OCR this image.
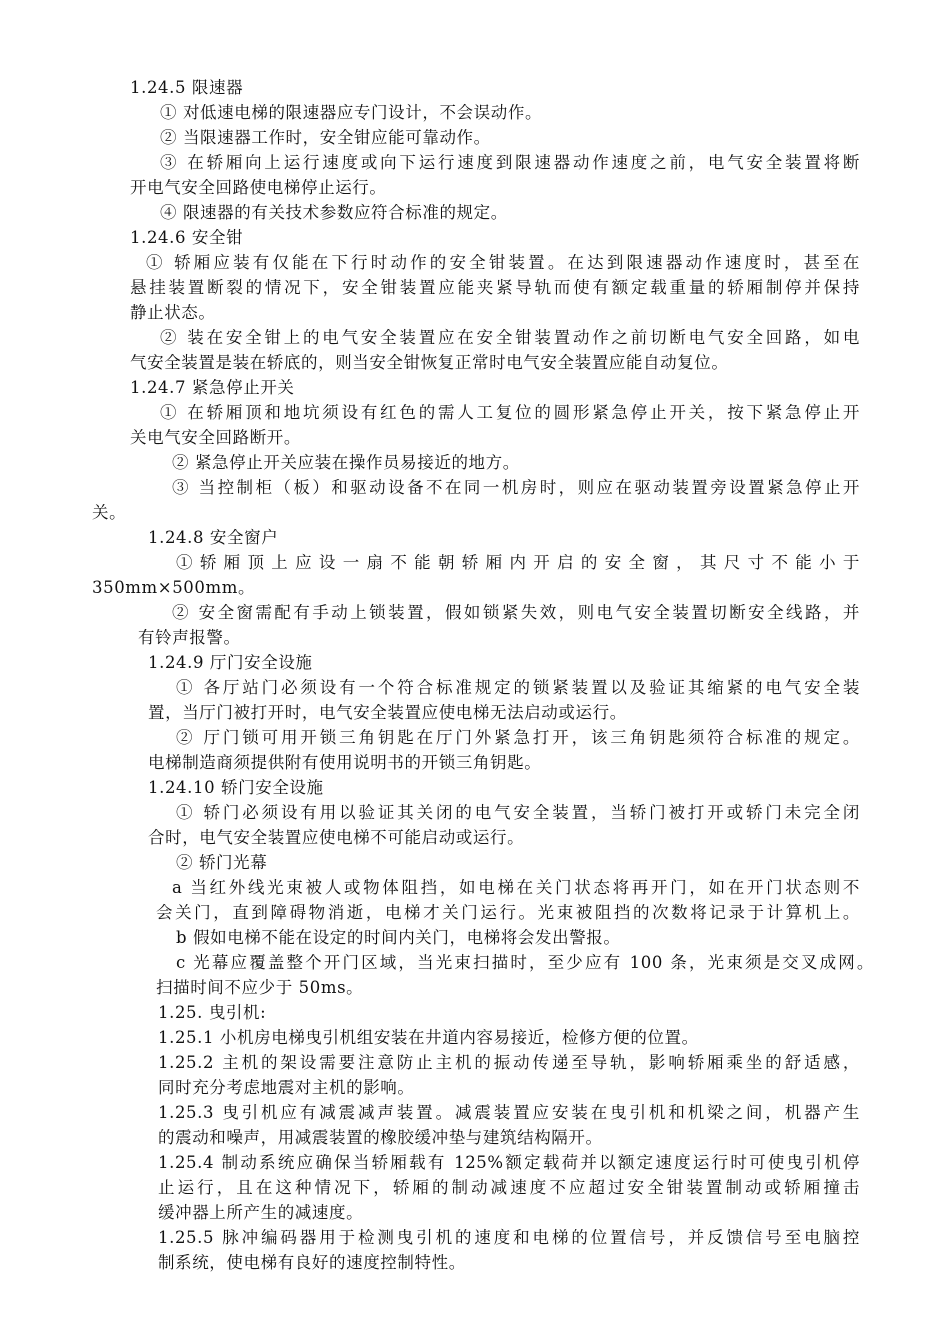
1.24.5 限速器
① 对低速电梯的限速器应专门设计，不会误动作。
② 当限速器工作时，安全钳应能可靠动作。
③ 在轿厢向上运行速度或向下运行速度到限速器动作速度之前，电气安全装置将断
开电气安全回路使电梯停止运行。
④ 限速器的有关技术参数应符合标准的规定。
1.24.6 安全钳
① 轿厢应装有仅能在下行时动作的安全钳装置。在达到限速器动作速度时，甚至在
悬挂装置断裂的情况下，安全钳装置应能夹紧导轨而使有额定载重量的轿厢制停并保持
静止状态。
② 装在安全钳上的电气安全装置应在安全钳装置动作之前切断电气安全回路，如电
气安全装置是装在轿底的，则当安全钳恢复正常时电气安全装置应能自动复位。
1.24.7 紧急停止开关
① 在轿厢顶和地坑须设有红色的需人工复位的圆形紧急停止开关，按下紧急停止开
关电气安全回路断开。
② 紧急停止开关应装在操作员易接近的地方。
③ 当控制柜（板）和驱动设备不在同一机房时，则应在驱动装置旁设置紧急停止开
关。
1.24.8 安全窗户
① 轿 厢 顶 上 应 设 一 扇 不 能 朝 轿 厢 内 开 启 的 安 全 窗 ， 其 尺 寸 不 能 小 于
350mm×500mm。
② 安全窗需配有手动上锁装置，假如锁紧失效，则电气安全装置切断安全线路，并
有铃声报警。
1.24.9 厅门安全设施
① 各厅站门必须设有一个符合标准规定的锁紧装置以及验证其缩紧的电气安全装
置，当厅门被打开时，电气安全装置应使电梯无法启动或运行。
② 厅门锁可用开锁三角钥匙在厅门外紧急打开，该三角钥匙须符合标准的规定。
电梯制造商须提供附有使用说明书的开锁三角钥匙。
1.24.10 轿门安全设施
① 轿门必须设有用以验证其关闭的电气安全装置，当轿门被打开或轿门未完全闭
合时，电气安全装置应使电梯不可能启动或运行。
② 轿门光幕
a 当红外线光束被人或物体阻挡，如电梯在关门状态将再开门，如在开门状态则不
会关门，直到障碍物消逝，电梯才关门运行。光束被阻挡的次数将记录于计算机上。
b 假如电梯不能在设定的时间内关门，电梯将会发出警报。
c 光幕应覆盖整个开门区域，当光束扫描时，至少应有 100 条，光束须是交叉成网。
扫描时间不应少于 50ms。
1.25. 曳引机:
1.25.1 小机房电梯曳引机组安装在井道内容易接近，检修方便的位置。
1.25.2 主机的架设需要注意防止主机的振动传递至导轨，影响轿厢乘坐的舒适感，
同时充分考虑地震对主机的影响。
1.25.3 曳引机应有减震减声装置。减震装置应安装在曳引机和机梁之间，机器产生
的震动和噪声，用减震装置的橡胶缓冲垫与建筑结构隔开。
1.25.4 制动系统应确保当轿厢载有 125%额定载荷并以额定速度运行时可使曳引机停
止运行，且在这种情况下，轿厢的制动减速度不应超过安全钳装置制动或轿厢撞击
缓冲器上所产生的减速度。
1.25.5 脉冲编码器用于检测曳引机的速度和电梯的位置信号，并反馈信号至电脑控
制系统，使电梯有良好的速度控制特性。
